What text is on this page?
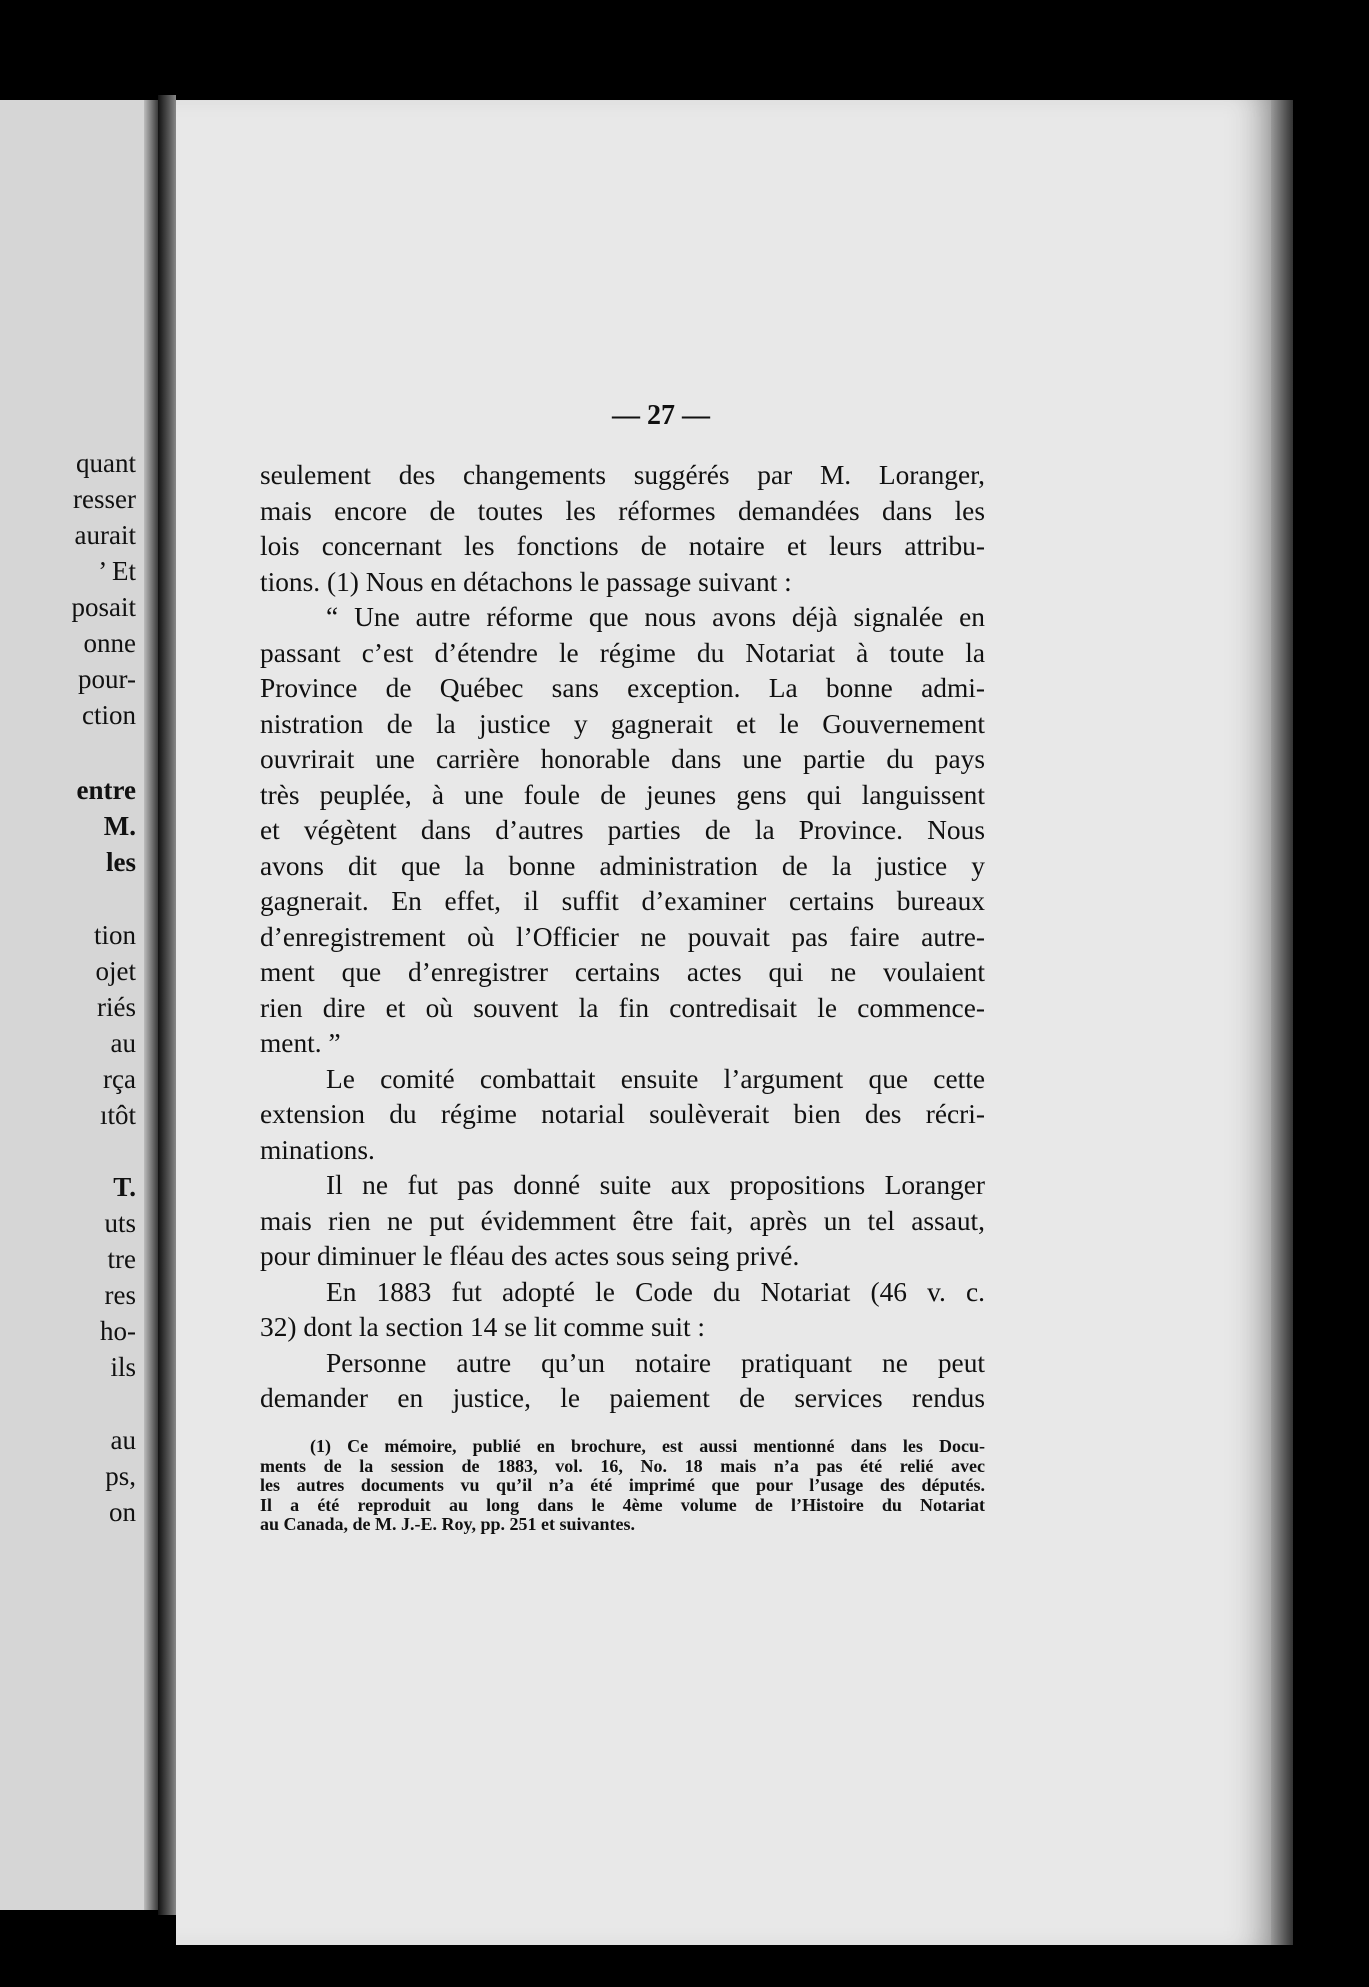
quant
resser
aurait
’ Et
posait
onne
pour-
ction
entre
M.
les
tion
ojet
riés
au
rça
ıtôt
T.
uts
tre
res
ho-
ils
au
ps,
on
— 27 —
seulement des changements suggérés par M. Loranger,
mais encore de toutes les réformes demandées dans les
lois concernant les fonctions de notaire et leurs attribu-
tions. (1) Nous en détachons le passage suivant :
“ Une autre réforme que nous avons déjà signalée en
passant c’est d’étendre le régime du Notariat à toute la
Province de Québec sans exception. La bonne admi-
nistration de la justice y gagnerait et le Gouvernement
ouvrirait une carrière honorable dans une partie du pays
très peuplée, à une foule de jeunes gens qui languissent
et végètent dans d’autres parties de la Province. Nous
avons dit que la bonne administration de la justice y
gagnerait. En effet, il suffit d’examiner certains bureaux
d’enregistrement où l’Officier ne pouvait pas faire autre-
ment que d’enregistrer certains actes qui ne voulaient
rien dire et où souvent la fin contredisait le commence-
ment. ”
Le comité combattait ensuite l’argument que cette
extension du régime notarial soulèverait bien des récri-
minations.
Il ne fut pas donné suite aux propositions Loranger
mais rien ne put évidemment être fait, après un tel assaut,
pour diminuer le fléau des actes sous seing privé.
En 1883 fut adopté le Code du Notariat (46 v. c.
32) dont la section 14 se lit comme suit :
Personne autre qu’un notaire pratiquant ne peut
demander en justice, le paiement de services rendus
(1) Ce mémoire, publié en brochure, est aussi mentionné dans les Docu-
ments de la session de 1883, vol. 16, No. 18 mais n’a pas été relié avec
les autres documents vu qu’il n’a été imprimé que pour l’usage des députés.
Il a été reproduit au long dans le 4ème volume de l’Histoire du Notariat
au Canada, de M. J.-E. Roy, pp. 251 et suivantes.
